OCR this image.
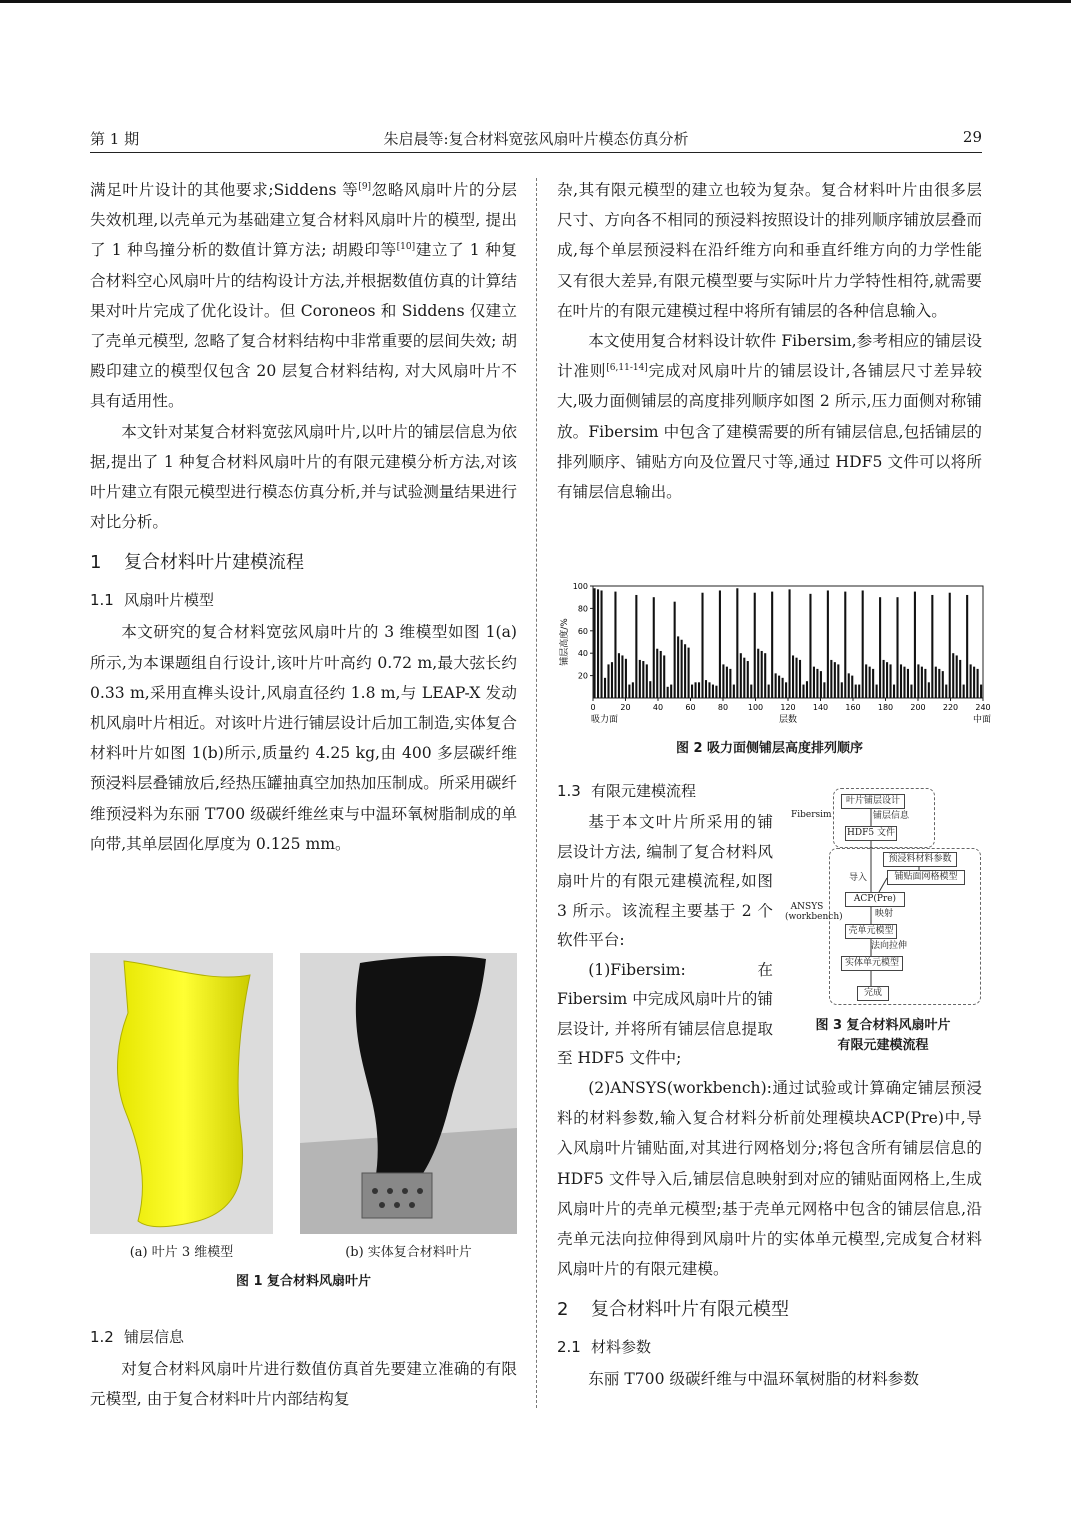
第 1 期	朱启晨等:复合材料宽弦风扇叶片模态仿真分析	29

满足叶片设计的其他要求;Siddens 等[9]忽略风扇叶片的分层失效机理,以壳单元为基础建立复合材料风扇叶片的模型, 提出了 1 种鸟撞分析的数值计算方法; 胡殿印等[10]建立了 1 种复合材料空心风扇叶片的结构设计方法,并根据数值仿真的计算结果对叶片完成了优化设计。但 Coroneos 和 Siddens 仅建立了壳单元模型, 忽略了复合材料结构中非常重要的层间失效; 胡殿印建立的模型仅包含 20 层复合材料结构, 对大风扇叶片不具有适用性。

本文针对某复合材料宽弦风扇叶片,以叶片的铺层信息为依据,提出了 1 种复合材料风扇叶片的有限元建模分析方法,对该叶片建立有限元模型进行模态仿真分析,并与试验测量结果进行对比分析。

1 复合材料叶片建模流程
1.1 风扇叶片模型

本文研究的复合材料宽弦风扇叶片的 3 维模型如图 1(a)所示,为本课题组自行设计,该叶片叶高约 0.72 m,最大弦长约 0.33 m,采用直榫头设计,风扇直径约 1.8 m,与 LEAP-X 发动机风扇叶片相近。对该叶片进行铺层设计后加工制造,实体复合材料叶片如图 1(b)所示,质量约 4.25 kg,由 400 多层碳纤维预浸料层叠铺放后,经热压罐抽真空加热加压制成。所采用碳纤维预浸料为东丽 T700 级碳纤维丝束与中温环氧树脂制成的单向带,其单层固化厚度为 0.125 mm。

(a) 叶片 3 维模型	(b) 实体复合材料叶片
图 1 复合材料风扇叶片
1.2 铺层信息

对复合材料风扇叶片进行数值仿真首先要建立准确的有限元模型, 由于复合材料叶片内部结构复

杂,其有限元模型的建立也较为复杂。复合材料叶片由很多层尺寸、方向各不相同的预浸料按照设计的排列顺序铺放层叠而成,每个单层预浸料在沿纤维方向和垂直纤维方向的力学性能又有很大差异,有限元模型要与实际叶片力学特性相符,就需要在叶片的有限元建模过程中将所有铺层的各种信息输入。

本文使用复合材料设计软件 Fibersim,参考相应的铺层设计准则[6,11-14]完成对风扇叶片的铺层设计,各铺层尺寸差异较大,吸力面侧铺层的高度排列顺序如图 2 所示,压力面侧对称铺放。Fibersim 中包含了建模需要的所有铺层信息,包括铺层的排列顺序、铺贴方向及位置尺寸等,通过 HDF5 文件可以将所有铺层信息输出。

20
40
60
80
100
0	20	40	60	80 100 120 140 160 180 200 220 240
铺层高度/%
层数
吸力面	中面
图 2 吸力面侧铺层高度排列顺序
1.3 有限元建模流程

基于本文叶片所采用的铺层设计方法, 编制了复合材料风扇叶片的有限元建模流程,如图 3 所示。该流程主要基于 2 个软件平台:

(1)Fibersim:在 Fibersim 中完成风扇叶片的铺层设计, 并将所有铺层信息提取至 HDF5 文件中;

Fibersim
叶片铺层设计
铺层信息
HDF5 文件
ANSYS
(workbench)
预浸料材料参数
导入	铺贴面网格模型
ACP(Pre)
映射
壳单元模型
法向拉伸
实体单元模型
完成
图 3 复合材料风扇叶片
有限元建模流程

(2)ANSYS(workbench):通过试验或计算确定铺层预浸料的材料参数,输入复合材料分析前处理模块ACP(Pre)中,导入风扇叶片铺贴面,对其进行网格划分;将包含所有铺层信息的 HDF5 文件导入后,铺层信息映射到对应的铺贴面网格上,生成风扇叶片的壳单元模型;基于壳单元网格中包含的铺层信息,沿壳单元法向拉伸得到风扇叶片的实体单元模型,完成复合材料风扇叶片的有限元建模。

2 复合材料叶片有限元模型
2.1 材料参数

东丽 T700 级碳纤维与中温环氧树脂的材料参数
